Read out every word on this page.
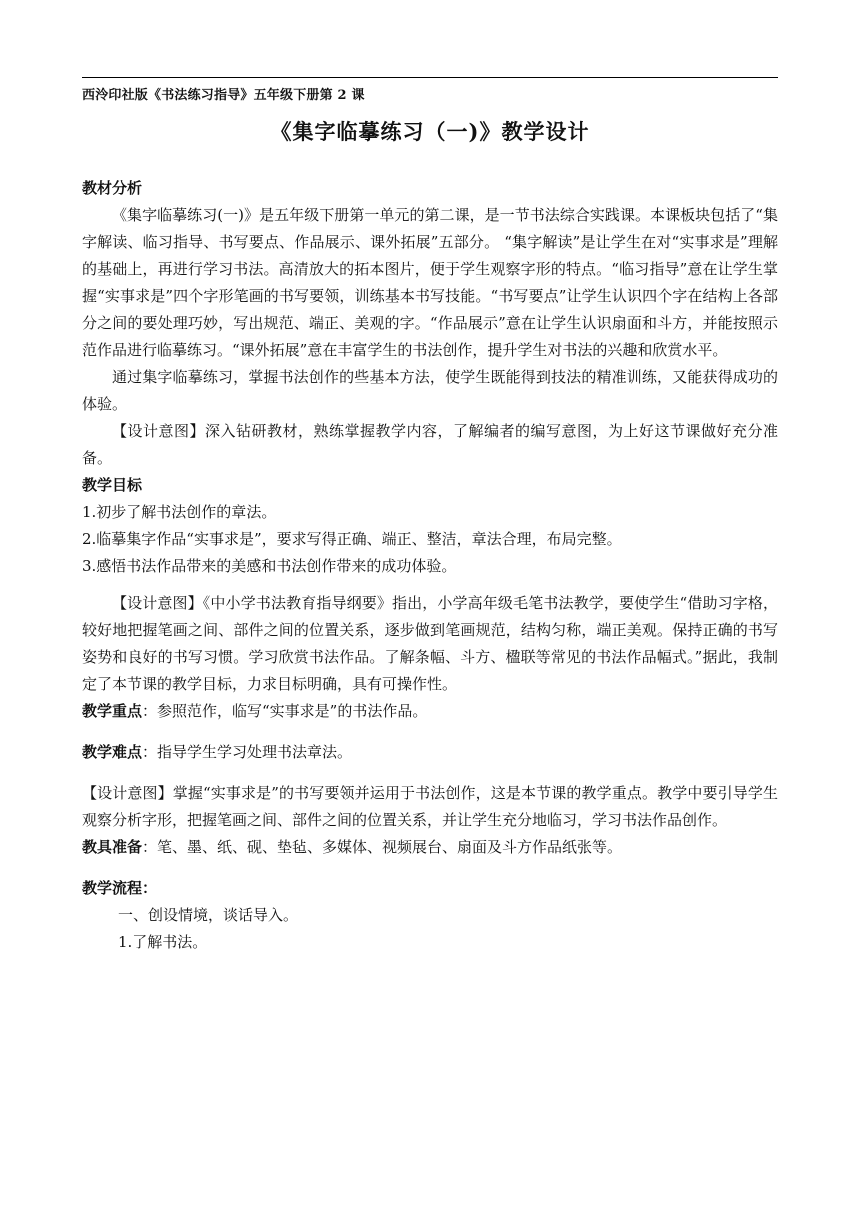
西泠印社版《书法练习指导》五年级下册第 2 课
《集字临摹练习（一)》教学设计

教材分析

《集字临摹练习(一)》是五年级下册第一单元的第二课，是一节书法综合实践课。本课板块包括了“集字解读、临习指导、书写要点、作品展示、课外拓展”五部分。 “集字解读”是让学生在对“实事求是”理解的基础上，再进行学习书法。高清放大的拓本图片，便于学生观察字形的特点。“临习指导”意在让学生掌握“实事求是”四个字形笔画的书写要领，训练基本书写技能。“书写要点”让学生认识四个字在结构上各部分之间的要处理巧妙，写出规范、端正、美观的字。“作品展示”意在让学生认识扇面和斗方，并能按照示范作品进行临摹练习。“课外拓展”意在丰富学生的书法创作，提升学生对书法的兴趣和欣赏水平。

通过集字临摹练习，掌握书法创作的些基本方法，使学生既能得到技法的精准训练，又能获得成功的体验。

【设计意图】深入钻研教材，熟练掌握教学内容，了解编者的编写意图，为上好这节课做好充分准备。

教学目标

1.初步了解书法创作的章法。

2.临摹集字作品“实事求是”，要求写得正确、端正、整洁，章法合理，布局完整。

3.感悟书法作品带来的美感和书法创作带来的成功体验。

【设计意图】《中小学书法教育指导纲要》指出，小学高年级毛笔书法教学，要使学生“借助习字格，较好地把握笔画之间、部件之间的位置关系，逐步做到笔画规范，结构匀称，端正美观。保持正确的书写姿势和良好的书写习惯。学习欣赏书法作品。了解条幅、斗方、楹联等常见的书法作品幅式。”据此，我制定了本节课的教学目标，力求目标明确，具有可操作性。

教学重点：参照范作，临写“实事求是”的书法作品。

教学难点：指导学生学习处理书法章法。

【设计意图】掌握“实事求是”的书写要领并运用于书法创作，这是本节课的教学重点。教学中要引导学生观察分析字形，把握笔画之间、部件之间的位置关系，并让学生充分地临习，学习书法作品创作。

教具准备：笔、墨、纸、砚、垫毡、多媒体、视频展台、扇面及斗方作品纸张等。

教学流程：

一、创设情境，谈话导入。

1.了解书法。
